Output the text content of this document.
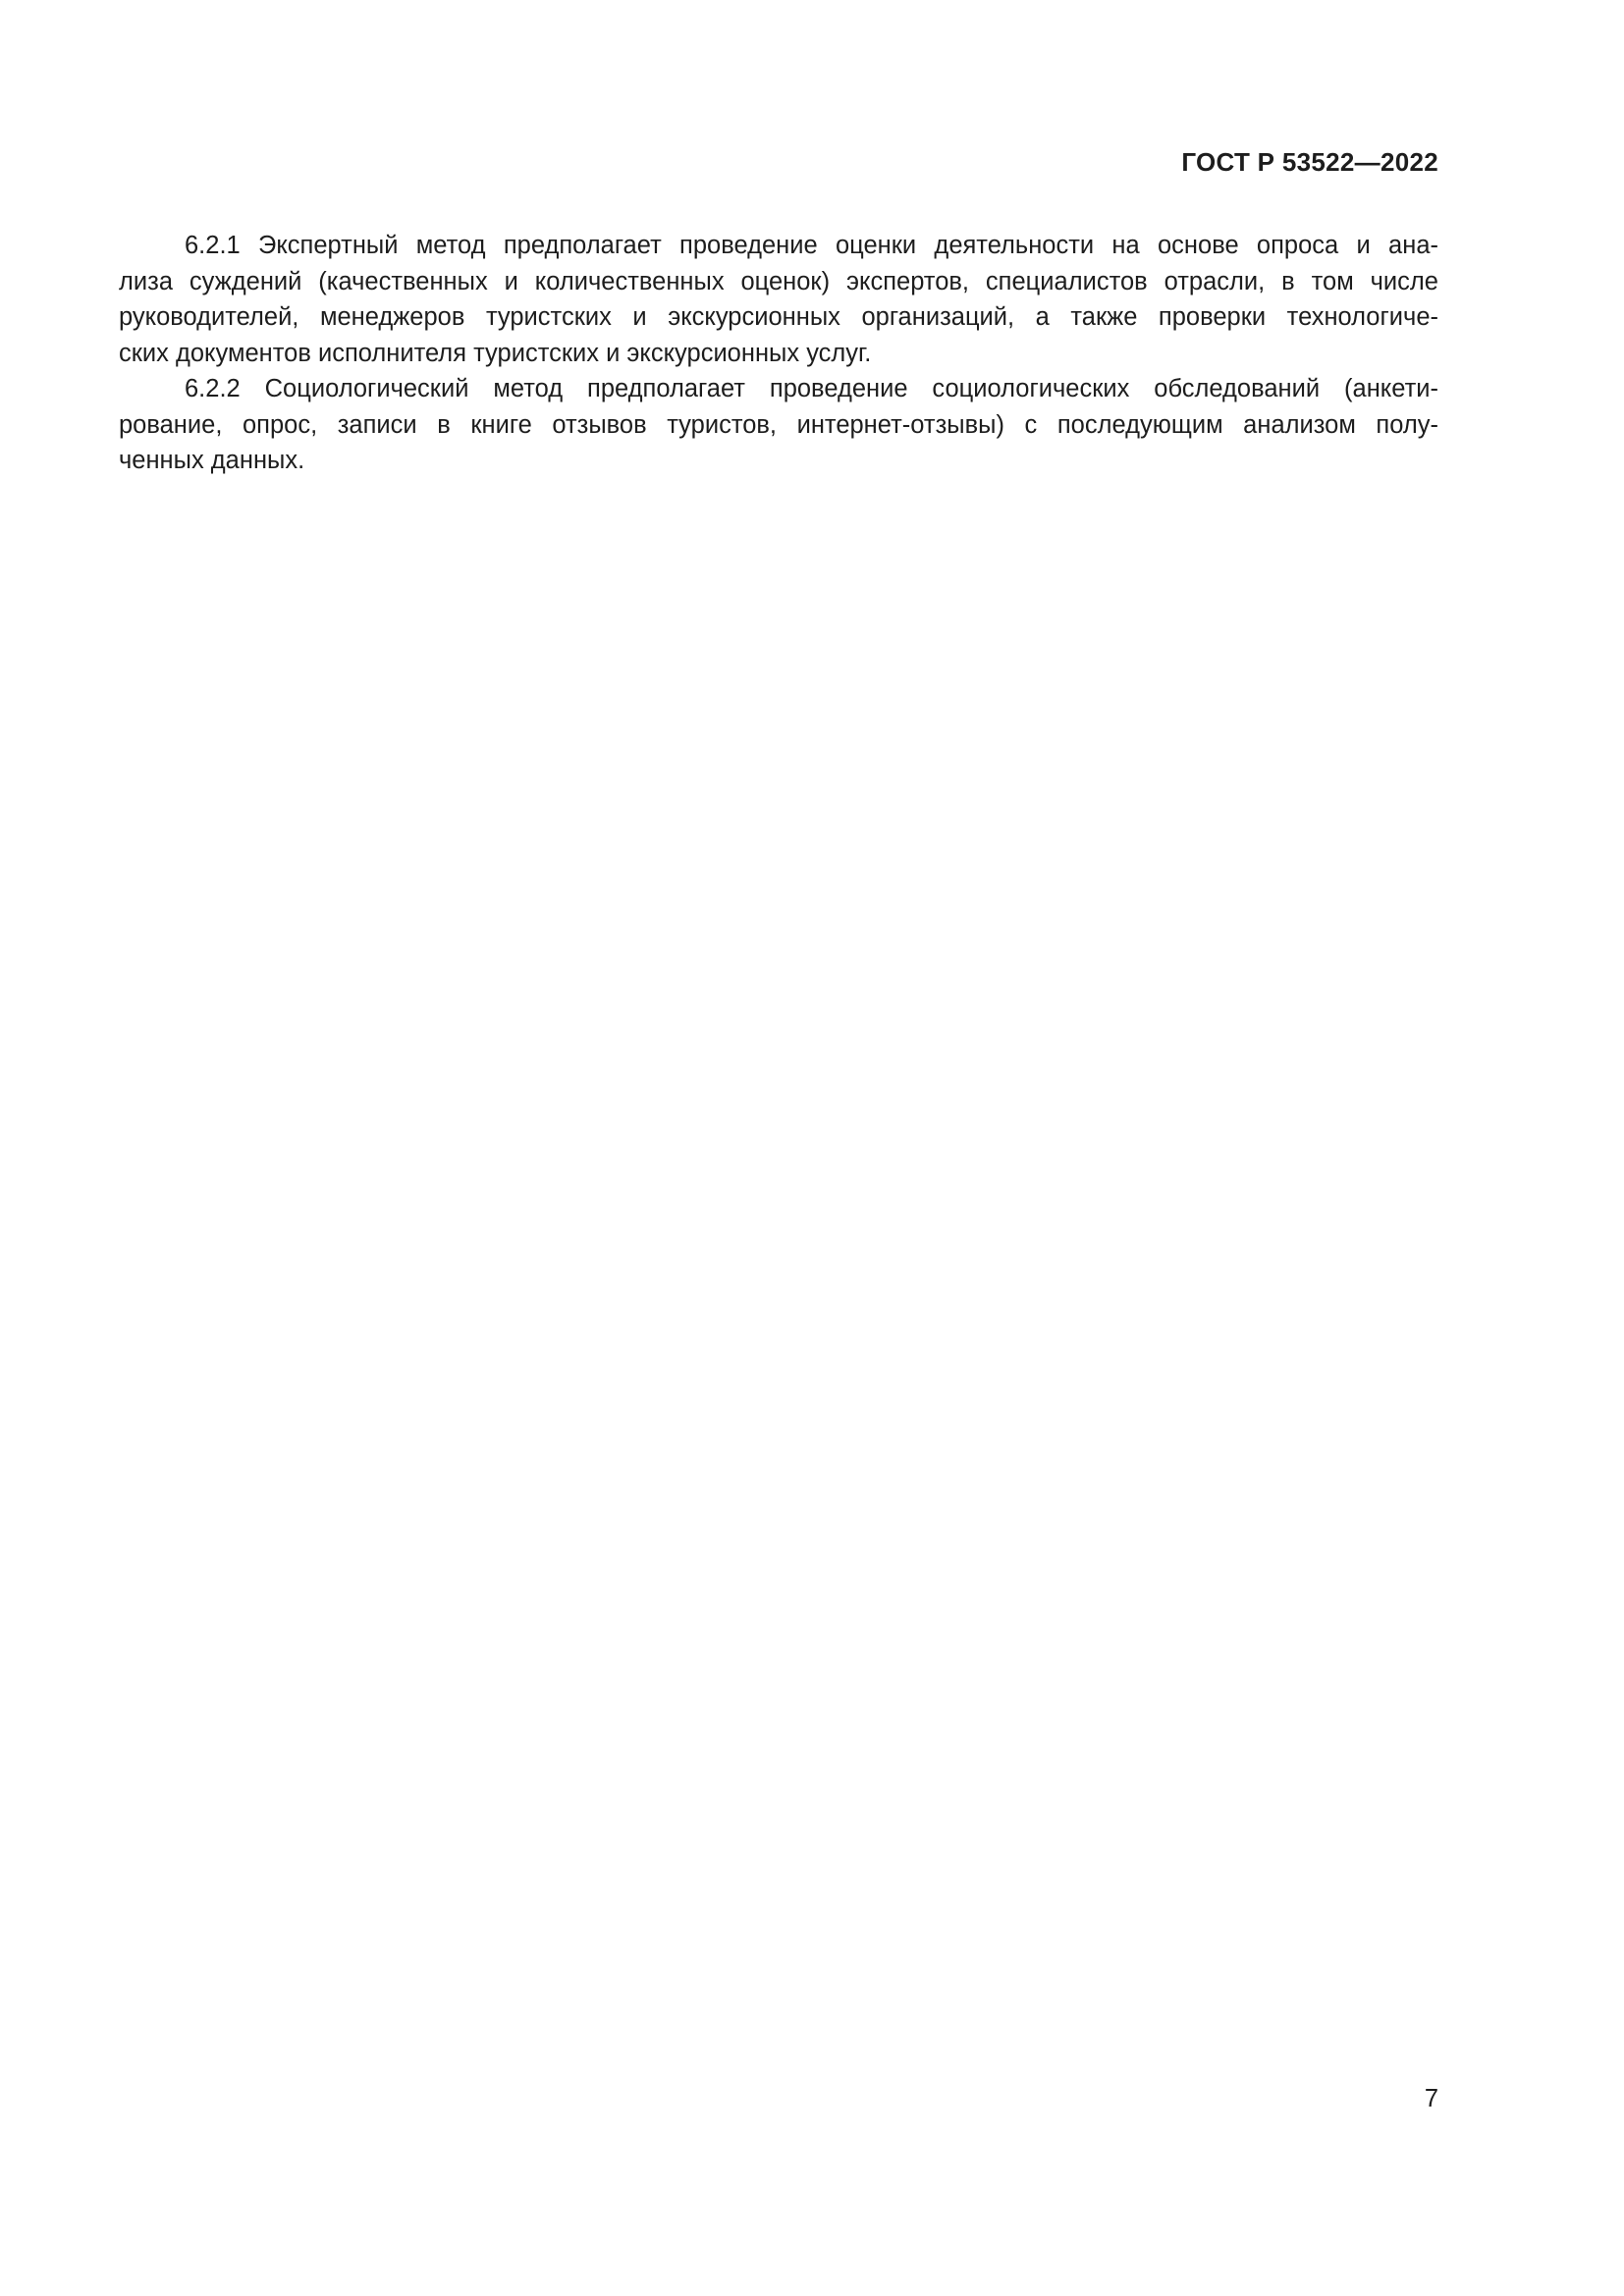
ГОСТ Р 53522—2022
6.2.1 Экспертный метод предполагает проведение оценки деятельности на основе опроса и ана-
лиза суждений (качественных и количественных оценок) экспертов, специалистов отрасли, в том числе
руководителей, менеджеров туристских и экскурсионных организаций, а также проверки технологиче-
ских документов исполнителя туристских и экскурсионных услуг.
6.2.2 Социологический метод предполагает проведение социологических обследований (анкети-
рование, опрос, записи в книге отзывов туристов, интернет-отзывы) с последующим анализом полу-
ченных данных.
7
